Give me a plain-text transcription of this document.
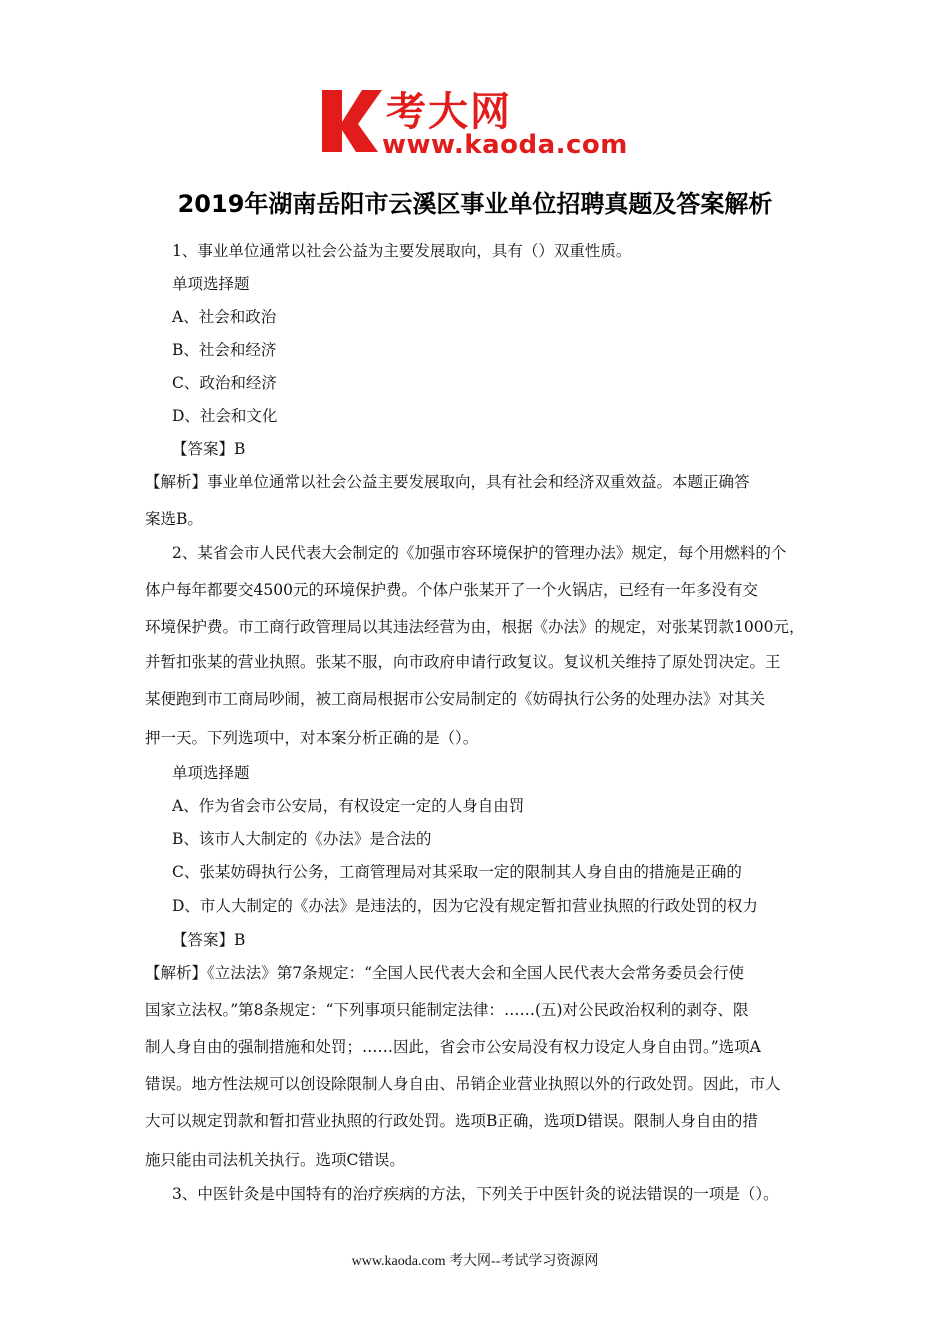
考大网
www.kaoda.com
2019年湖南岳阳市云溪区事业单位招聘真题及答案解析
1、事业单位通常以社会公益为主要发展取向，具有（）双重性质。
单项选择题
A、社会和政治
B、社会和经济
C、政治和经济
D、社会和文化
【答案】B
【解析】事业单位通常以社会公益主要发展取向，具有社会和经济双重效益。本题正确答
案选B。
2、某省会市人民代表大会制定的《加强市容环境保护的管理办法》规定，每个用燃料的个
体户每年都要交4500元的环境保护费。个体户张某开了一个火锅店，已经有一年多没有交
环境保护费。市工商行政管理局以其违法经营为由，根据《办法》的规定，对张某罚款1000元，
并暂扣张某的营业执照。张某不服，向市政府申请行政复议。复议机关维持了原处罚决定。王
某便跑到市工商局吵闹，被工商局根据市公安局制定的《妨碍执行公务的处理办法》对其关
押一天。下列选项中，对本案分析正确的是（）。
单项选择题
A、作为省会市公安局，有权设定一定的人身自由罚
B、该市人大制定的《办法》是合法的
C、张某妨碍执行公务，工商管理局对其采取一定的限制其人身自由的措施是正确的
D、市人大制定的《办法》是违法的，因为它没有规定暂扣营业执照的行政处罚的权力
【答案】B
【解析】《立法法》第7条规定：“全国人民代表大会和全国人民代表大会常务委员会行使
国家立法权。”第8条规定：“下列事项只能制定法律：……(五)对公民政治权利的剥夺、限
制人身自由的强制措施和处罚；……因此，省会市公安局没有权力设定人身自由罚。”选项A
错误。地方性法规可以创设除限制人身自由、吊销企业营业执照以外的行政处罚。因此，市人
大可以规定罚款和暂扣营业执照的行政处罚。选项B正确，选项D错误。限制人身自由的措
施只能由司法机关执行。选项C错误。
3、中医针灸是中国特有的治疗疾病的方法，下列关于中医针灸的说法错误的一项是（）。
www.kaoda.com 考大网--考试学习资源网
